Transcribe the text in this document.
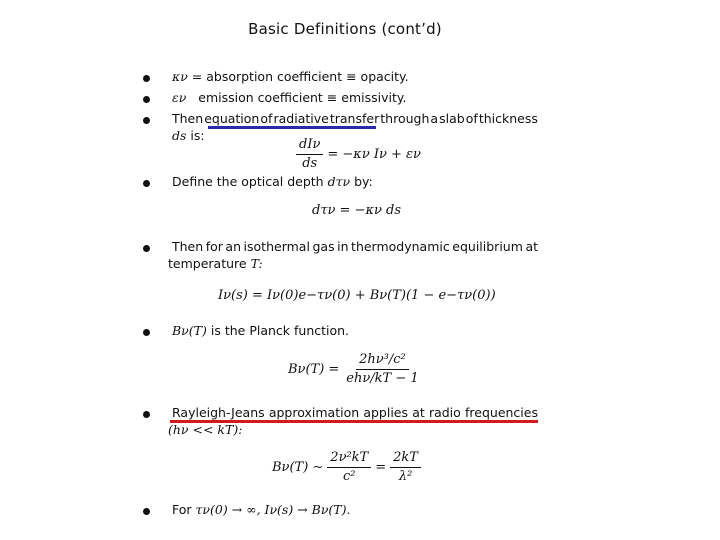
Basic Definitions (cont’d)
κν = absorption coefficient ≡ opacity.
εν emission coefficient ≡ emissivity.
Then equation of radiative transfer through a slab of thickness
ds is:
$\frac{\text{dIν}}{ds} = -\kappa\nu$ Iν + εν
Define the optical depth dτν by:
dτν = −κν ds
Then for an isothermal gas in thermodynamic equilibrium at
temperature T:
Iν(s) = Iν(0)e−τν(0) + Bν(T)(1 − e−τν(0))
Bν(T) is the Planck function.
$B\nu(T) = \frac{\text{2hν³/c²}}{\text{ehν/kT − 1}}$
Rayleigh-Jeans approximation applies at radio frequencies
(hν << kT):
Bν(T) ∼ $\frac{\text{2ν²kT}}{\text{c²}} = \frac{2kT}{\text{λ²}}$
For τν(0) → ∞, Iν(s) → Bν(T).
